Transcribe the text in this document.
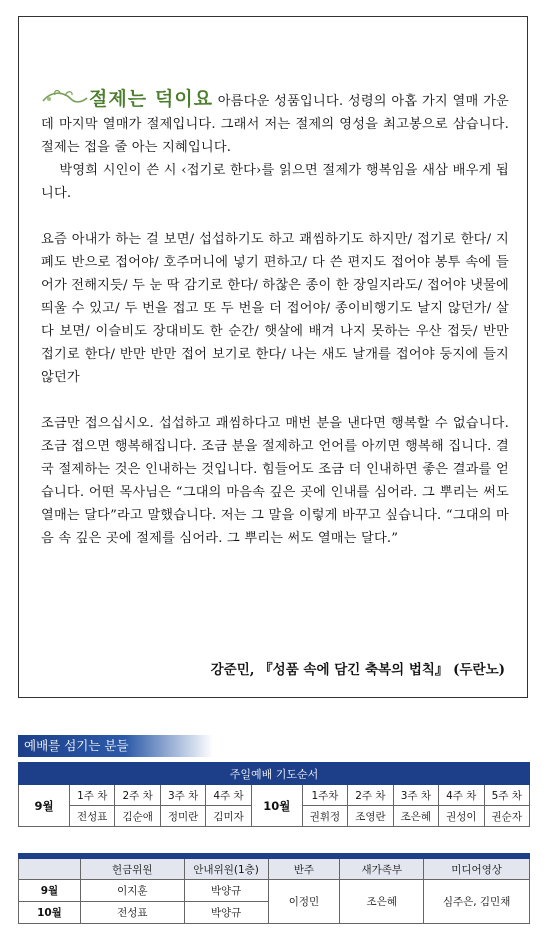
절제는 덕이요 아름다운 성품입니다. 성령의 아홉 가지 열매 가운데 마지막 열매가 절제입니다. 그래서 저는 절제의 영성을 최고봉으로 삼습니다. 절제는 접을 줄 아는 지혜입니다.
박영희 시인이 쓴 시 ‹접기로 한다›를 읽으면 절제가 행복임을 새삼 배우게 됩니다.

요즘 아내가 하는 걸 보면/ 섭섭하기도 하고 괘씸하기도 하지만/ 접기로 한다/ 지폐도 반으로 접어야/ 호주머니에 넣기 편하고/ 다 쓴 편지도 접어야 봉투 속에 들어가 전해지듯/ 두 눈 딱 감기로 한다/ 하찮은 종이 한 장일지라도/ 접어야 냇물에 띄울 수 있고/ 두 번을 접고 또 두 번을 더 접어야/ 종이비행기도 날지 않던가/ 살다 보면/ 이슬비도 장대비도 한 순간/ 햇살에 배겨 나지 못하는 우산 접듯/ 반만 접기로 한다/ 반만 반만 접어 보기로 한다/ 나는 새도 날개를 접어야 둥지에 들지 않던가

조금만 접으십시오. 섭섭하고 괘씸하다고 매번 분을 낸다면 행복할 수 없습니다. 조금 접으면 행복해집니다. 조금 분을 절제하고 언어를 아끼면 행복해 집니다. 결국 절제하는 것은 인내하는 것입니다. 힘들어도 조금 더 인내하면 좋은 결과를 얻습니다. 어떤 목사님은 “그대의 마음속 깊은 곳에 인내를 심어라. 그 뿌리는 써도 열매는 달다”라고 말했습니다. 저는 그 말을 이렇게 바꾸고 싶습니다. “그대의 마음 속 깊은 곳에 절제를 심어라. 그 뿌리는 써도 열매는 달다.”
강준민, 『성품 속에 담긴 축복의 법칙』 (두란노)
예배를 섬기는 분들
주일예배 기도순서										
9월	1주 차	2주 차	3주 차	4주 차	10월	1주차	2주 차	3주 차	4주 차	5주 차
	전성표	김순애	정미란	김미자		권휘정	조영란	조은혜	권성이	권순자

	헌금위원	안내위원(1층)	반주	새가족부	미디어영상
9월	이지훈	박양규	이정민	조은혜	심주은, 김민채
10월	전성표	박양규			
